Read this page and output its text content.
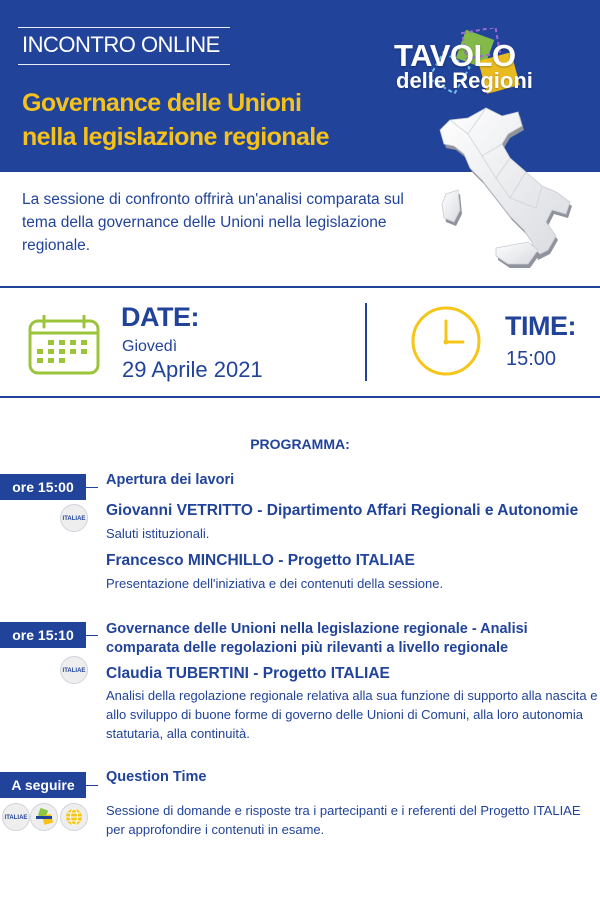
INCONTRO ONLINE
Governance delle Unioni
nella legislazione regionale
TAVOLO
delle Regioni
La sessione di confronto offrirà un'analisi comparata sul tema della governance delle Unioni nella legislazione regionale.
DATE:
Giovedì
29 Aprile 2021
TIME:
15:00
PROGRAMMA:
ore 15:00	Apertura dei lavori
ITALIAE Giovanni VETRITTO - Dipartimento Affari Regionali e Autonomie
Saluti istituzionali.
Francesco MINCHILLO - Progetto ITALIAE
Presentazione dell'iniziativa e dei contenuti della sessione.
ore 15:10	Governance delle Unioni nella legislazione regionale - Analisi
comparata delle regolazioni più rilevanti a livello regionale
ITALIAE Claudia TUBERTINI - Progetto ITALIAE
Analisi della regolazione regionale relativa alla sua funzione di supporto alla nascita e
allo sviluppo di buone forme di governo delle Unioni di Comuni, alla loro autonomia
statutaria, alla continuità.
A seguire	Question Time
ITALIAE	Sessione di domande e risposte tra i partecipanti e i referenti del Progetto ITALIAE
per approfondire i contenuti in esame.
